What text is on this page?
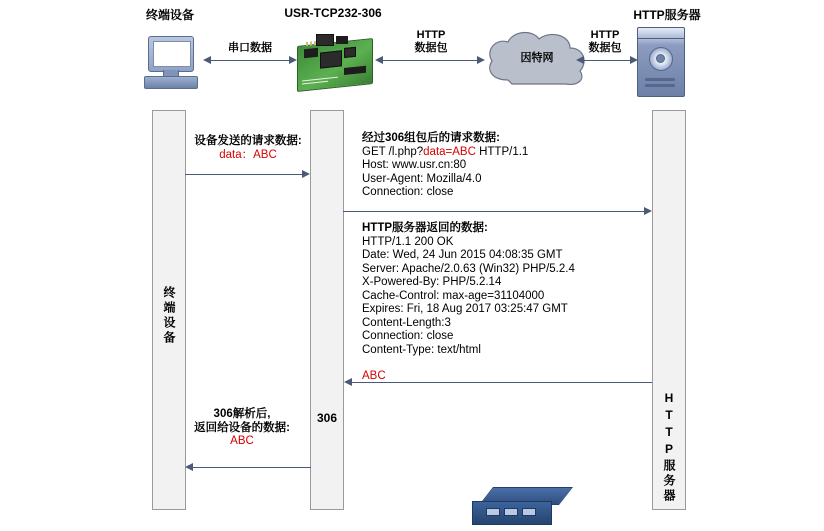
终端设备	USR-TCP232-306	HTTP服务器
因特网
串口数据
HTTP
数据包
HTTP
数据包
终端设备
306	HTTP服务器
设备发送的请求数据:
data：ABC
经过306组包后的请求数据:
GET /l.php?data=ABC HTTP/1.1
Host: www.usr.cn:80
User-Agent: Mozilla/4.0
Connection: close
HTTP服务器返回的数据:
HTTP/1.1 200 OK
Date: Wed, 24 Jun 2015 04:08:35 GMT
Server: Apache/2.0.63 (Win32) PHP/5.2.4
X-Powered-By: PHP/5.2.14
Cache-Control: max-age=31104000
Expires: Fri, 18 Aug 2017 03:25:47 GMT
Content-Length:3
Connection: close
Content-Type: text/html
ABC
306解析后,
返回给设备的数据:
ABC
